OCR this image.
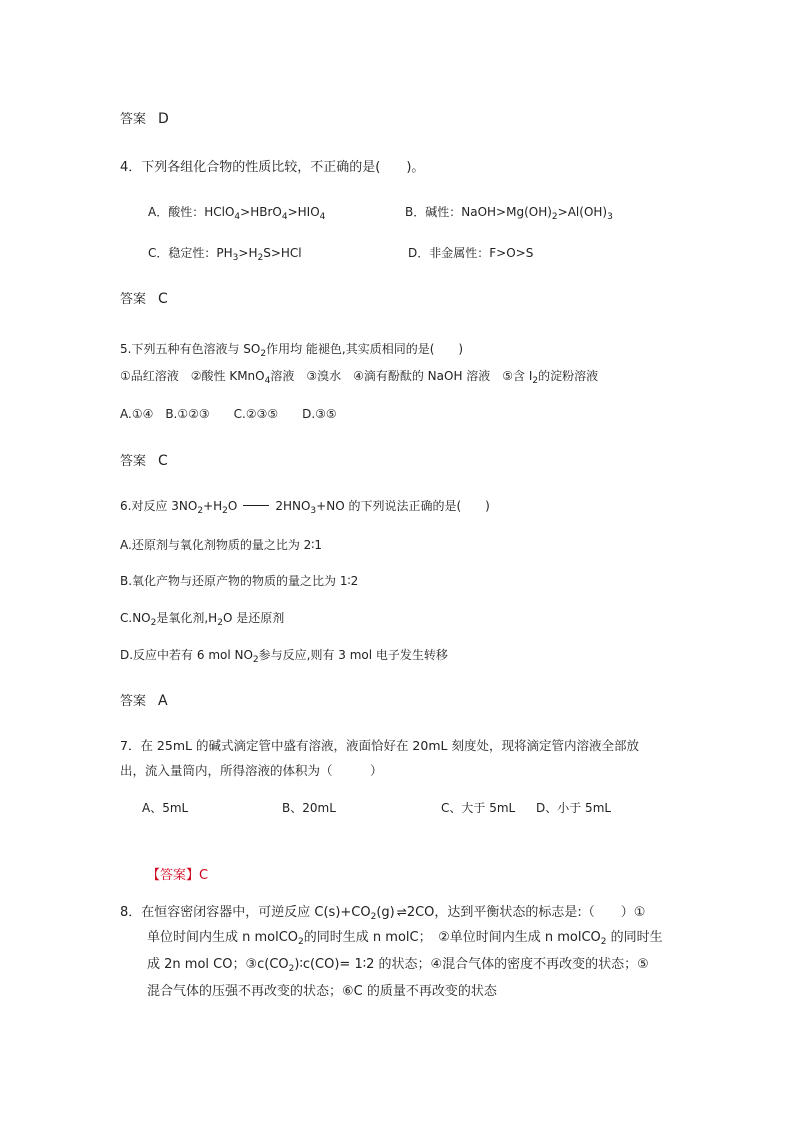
答案 D
4．下列各组化合物的性质比较，不正确的是(　　)。
A．酸性：$HClO_4>HBrO_4>HIO_4$	B．碱性：$NaOH>Mg(OH)_2>Al(OH)_3$
C．稳定性：$PH_3>H_2S>HCl$	D．非金属性：F>O>S
答案 C
5.下列五种有色溶液与 $SO_2$作用均 能褪色,其实质相同的是(　　)
①品红溶液　②酸性 KMnO$_4$溶液　③溴水　④滴有酚酞的 NaOH 溶液　⑤含 $I_2$的淀粉溶液
A.①④　B.①②③　　C.②③⑤　　D.③⑤
答案 C
6.对反应 $3NO_2+H_2O$	$2HNO_3+NO$ 的下列说法正确的是(　　)
A.还原剂与氧化剂物质的量之比为 2∶1
B.氧化产物与还原产物的物质的量之比为 1∶2
$C.NO_2$是氧化剂$,H_2O$ 是还原剂
D.反应中若有 6 mol $NO_2$参与反应,则有 3 mol 电子发生转移
答案 A
7．在 25mL 的碱式滴定管中盛有溶液，液面恰好在 20mL 刻度处，现将滴定管内溶液全部放
出，流入量筒内，所得溶液的体积为（　　　）
A、5mL	B、20mL	C、大于 5mL D、小于 5mL
【答案】C
8．在恒容密闭容器中，可逆反应 $C(s)+CO_2(g)$ ⇌ 2CO，达到平衡状态的标志是:（　　）①
单位时间内生成 n molCO$_2$的同时生成 n molC；　②单位时间内生成 n molCO$_2$ 的同时生
成 2n mol CO；$③c(CO_2)∶c(CO)=$ 1∶2 的状态；④混合气体的密度不再改变的状态；⑤
混合气体的压强不再改变的状态；⑥C 的质量不再改变的状态
